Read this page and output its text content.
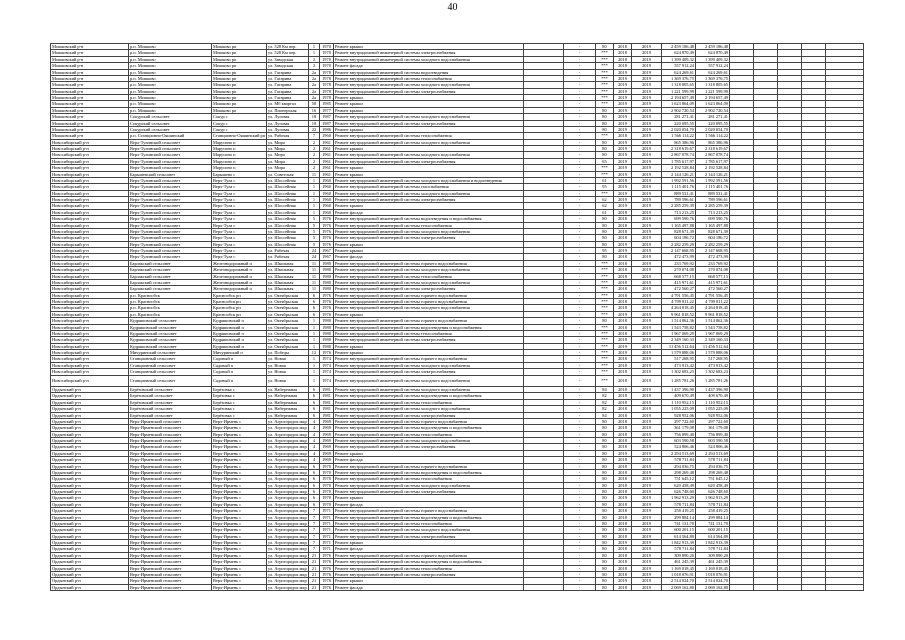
40
Мошковский р-н	р.п. Мошково	Мошково рп	ул. 528 Км пер.	1	1970	Ремонт крыши		-	80	2018	2019	2 459 186,48	2 459 186,48					
Мошковский р-н	р.п. Мошково	Мошково рп	ул. 528 Км пер.	1	1970	Ремонт внутридомовой инженерной системы электроснабжения		-	***	2018	2019	624 870,49	624 870,49					
Мошковский р-н	р.п. Мошково	Мошково рп	ул. Заводская	2	1970	Ремонт внутридомовой инженерной системы холодного водоснабжения		-	***	2018	2019	1 399 409,32	1 399 409,32					
Мошковский р-н	р.п. Мошково	Мошково рп	ул. Заводская	2	1970	Ремонт фасада		-	***	2018	2019	557 912,24	557 912,24					
Мошковский р-н	р.п. Мошково	Мошково рп	ул. Гагарина	2а	1978	Ремонт внутридомовой инженерной системы водоотведения		-	***	2019	2019	624 269,61	624 269,61					
Мошковский р-н	р.п. Мошково	Мошково рп	ул. Гагарина	2а	1978	Ремонт внутридомовой инженерной системы теплоснабжения		-	***	2019	2019	1 369 376,75	1 369 376,75					
Мошковский р-н	р.п. Мошково	Мошково рп	ул. Гагарина	2а	1978	Ремонт внутридомовой инженерной системы холодного водоснабжения		-	***	2019	2019	1 318 805,65	1 318 805,65					
Мошковский р-н	р.п. Мошково	Мошково рп	ул. Гагарина	2а	1978	Ремонт внутридомовой инженерной системы электроснабжения		-	***	2019	2019	1 221 599,99	1 221 599,99					
Мошковский р-н	р.п. Мошково	Мошково рп	ул. Гагарина	2а	1978	Ремонт крыши		-	***	2019	2019	2 194 657,49	2 194 657,49					
Мошковский р-н	р.п. Мошково	Мошково рп	ул. Мб квартал	58	1985	Ремонт крыши		-	***	2019	2019	1 623 864,09	1 623 864,09					
Мошковский р-н	р.п. Мошково	Мошково рп	ул. Пионерская	16	1977	Ремонт крыши		-	80	2019	2019	2 902 720,54	2 902 720,54					
Мошковский р-н	Сокурский сельсовет	Сокур с	ул. Луговая	18	1987	Ремонт внутридомовой инженерной системы холодного водоснабжения		-	80	2019	2019	281 271,41	281 271,41					
Мошковский р-н	Сокурский сельсовет	Сокур с	ул. Луговая	18	1987	Ремонт внутридомовой инженерной системы электроснабжения		-	80	2019	2019	220 095,55	220 095,55					
Мошковский р-н	Сокурский сельсовет	Сокур с	ул. Луговая	22	1986	Ремонт крыши		-	80	2019	2019	2 020 054,70	2 020 054,70					
Мошковский р-н	р.п. Станционно-Ояшинский	Станционно-Ояшинский рп	ул. Рабочая	7	1960	Ремонт внутридомовой инженерной системы теплоснабжения		-	***	2018	2019	1 566 114,22	1 566 114,22					
Новосибирский р-н	Верх-Тулинский сельсовет	Марусино п	ул. Мира	2	1961	Ремонт внутридомовой инженерной системы холодного водоснабжения		-	80	2019	2019	865 386,96	865 386,96					
Новосибирский р-н	Верх-Тулинский сельсовет	Марусино п	ул. Мира	2	1961	Ремонт крыши		-	80	2019	2019	2 318 619,67	2 318 619,67					
Новосибирский р-н	Верх-Тулинский сельсовет	Марусино п	ул. Мира	2	1961	Ремонт внутридомовой инженерной системы холодного водоснабжения		-	80	2019	2019	2 867 078,74	2 867 078,74					
Новосибирский р-н	Верх-Тулинский сельсовет	Марусино п	ул. Мира	2	1961	Ремонт внутридомовой инженерной системы электроснабжения		-	65	2019	2019	1 785 617,97	1 785 617,97					
Новосибирский р-н	Верх-Тулинский сельсовет	Марусино п	ул. Мира	2	1961	Ремонт крыши		-	***	2019	2019	2 192 528,84	2 192 528,84					
Новосибирский р-н	Барышевский сельсовет	Барышево с	ул. Советская	11	1961	Ремонт крыши		-	***	2019	2019	2 144 126,21	2 144 126,21					
Новосибирский р-н	Верх-Тулинский сельсовет	Верх-Тула с	ул. Шоссейная	1	1960	Ремонт внутридомовой инженерной системы холодного водоснабжения и водоотведения		-	61	2018	2019	1 992 591,56	1 992 591,56					
Новосибирский р-н	Верх-Тулинский сельсовет	Верх-Тула с	ул. Шоссейная	1	1960	Ремонт внутридомовой инженерной системы газоснабжения		-	95	2019	2019	1 115 401,76	1 115 401,76					
Новосибирский р-н	Верх-Тулинский сельсовет	Верх-Тула с	ул. Шоссейная	1	1960	Ремонт внутридомовой инженерной системы холодного водоснабжения		-	***	2019	2019	889 531,41	889 531,41					
Новосибирский р-н	Верх-Тулинский сельсовет	Верх-Тула с	ул. Шоссейная	1	1960	Ремонт внутридомовой инженерной системы электроснабжения		-	62	2019	2019	789 596,61	789 596,61					
Новосибирский р-н	Верх-Тулинский сельсовет	Верх-Тула с	ул. Шоссейная	1	1960	Ремонт крыши		-	62	2019	2019	2 285 259,39	2 285 259,39					
Новосибирский р-н	Верх-Тулинский сельсовет	Верх-Тула с	ул. Шоссейная	1	1960	Ремонт фасада		-	61	2018	2019	713 213,25	713 213,25					
Новосибирский р-н	Верх-Тулинский сельсовет	Верх-Тула с	ул. Шоссейная	5	1976	Ремонт внутридомовой инженерной системы водоотведения и водоснабжения		-	80	2018	2019	699 590,76	699 590,76					
Новосибирский р-н	Верх-Тулинский сельсовет	Верх-Тула с	ул. Шоссейная	5	1976	Ремонт внутридомовой инженерной системы теплоснабжения		-	80	2018	2019	1 165 497,88	1 165 497,88					
Новосибирский р-н	Верх-Тулинский сельсовет	Верх-Тула с	ул. Шоссейная	5	1976	Ремонт внутридомовой инженерной системы холодного водоснабжения		-	80	2018	2019	828 671,39	828 671,39					
Новосибирский р-н	Верх-Тулинский сельсовет	Верх-Тула с	ул. Шоссейная	5	1976	Ремонт внутридомовой инженерной системы электроснабжения		-	80	2018	2019	604 186,72	604 186,72					
Новосибирский р-н	Верх-Тулинский сельсовет	Верх-Тула с	ул. Шоссейная	5	1976	Ремонт крыши		-	80	2019	2019	2 282 259,29	2 282 259,29					
Новосибирский р-н	Верх-Тулинский сельсовет	Верх-Тула с	ул. Рабочая	24	1967	Ремонт крыши		-	95	2019	2019	2 147 668,95	2 147 668,95					
Новосибирский р-н	Верх-Тулинский сельсовет	Верх-Тула с	ул. Рабочая	24	1967	Ремонт фасада		-	80	2018	2019	472 473,99	472 473,99					
Новосибирский р-н	Барлакский сельсовет	Железнодорожный п	ул. Школьная	11	1980	Ремонт внутридомовой инженерной системы горячего водоснабжения		-	***	2018	2019	233 769,92	233 769,92					
Новосибирский р-н	Барлакский сельсовет	Железнодорожный п	ул. Школьная	11	1980	Ремонт внутридомовой инженерной системы холодного водоснабжения		-	***	2018	2019	270 074,08	270 074,08					
Новосибирский р-н	Барлакский сельсовет	Железнодорожный п	ул. Школьная	11	1980	Ремонт внутридомовой инженерной системы теплоснабжения		-	***	2018	2019	668 577,15	668 577,15					
Новосибирский р-н	Барлакский сельсовет	Железнодорожный п	ул. Школьная	11	1980	Ремонт внутридомовой инженерной системы холодного водоснабжения		-	***	2018	2019	415 971,61	415 971,61					
Новосибирский р-н	Барлакский сельсовет	Железнодорожный п	ул. Школьная	11	1980	Ремонт внутридомовой инженерной системы электроснабжения		-	***	2018	2019	472 560,27	472 560,27					
Новосибирский р-н	р.п. Краснообск	Краснообск рп	ул. Октябрьская	6	1976	Ремонт внутридомовой инженерной системы горячего водоснабжения		-	***	2018	2019	4 791 556,45	4 791 556,45					
Новосибирский р-н	р.п. Краснообск	Краснообск рп	ул. Октябрьская	6	1976	Ремонт внутридомовой инженерной системы горячего водоснабжения		-	***	2018	2019	4 709 811,22	4 709 811,22					
Новосибирский р-н	р.п. Краснообск	Краснообск рп	ул. Октябрьская	6	1976	Ремонт внутридомовой инженерной системы холодного водоснабжения		-	***	2018	2019	4 264 818,45	4 264 818,45					
Новосибирский р-н	р.п. Краснообск	Краснообск рп	ул. Октябрьская	6	1976	Ремонт крыши		-	***	2019	2019	9 961 818,52	9 961 818,52					
Новосибирский р-н	Кудряшовский сельсовет	Кудряшовский п	ул. Октябрьская	1	1980	Ремонт внутридомовой инженерной системы горячего водоснабжения		-	80	2018	2019	1 514 862,36	1 514 862,36					
Новосибирский р-н	Кудряшовский сельсовет	Кудряшовский п	ул. Октябрьская	1	1980	Ремонт внутридомовой инженерной системы водоотведения и водоснабжения		-	***	2018	2019	1 543 758,82	1 543 758,82					
Новосибирский р-н	Кудряшовский сельсовет	Кудряшовский п	ул. Октябрьская	1	1980	Ремонт внутридомовой инженерной системы теплоснабжения		-	***	2018	2019	1 967 069,29	1 967 069,29					
Новосибирский р-н	Кудряшовский сельсовет	Кудряшовский п	ул. Октябрьская	1	1980	Ремонт внутридомовой инженерной системы электроснабжения		-	***	2018	2019	2 349 160,33	2 349 160,33					
Новосибирский р-н	Кудряшовский сельсовет	Кудряшовский п	ул. Октябрьская	1	1980	Ремонт крыши		-	***	2019	2019	11 456 512,64	11 456 512,64					
Новосибирский р-н	Мичуринский сельсовет	Мичуринский п	ул. Победы	12	1976	Ремонт крыши		-	***	2019	2019	1 579 888,06	1 579 888,06					
Новосибирский р-н	Станционный сельсовет	Садовый п	ул. Новая	1	1974	Ремонт внутридомовой инженерной системы горячего водоснабжения		-	***	2018	2019	517 268,95	517 268,95					
Новосибирский р-н	Станционный сельсовет	Садовый п	ул. Новая	1	1974	Ремонт внутридомовой инженерной системы холодного водоснабжения		-	***	2018	2019	473 913,42	473 913,42					
Новосибирский р-н	Станционный сельсовет	Садовый п	ул. Новая	1	1974	Ремонт внутридомовой инженерной системы электроснабжения		-	***	2018	2019	1 302 683,23	1 302 683,23					
Новосибирский р-н	Станционный сельсовет	Садовый п	ул. Новая	1	1974	Ремонт внутридомовой инженерной системы холодного водоснабжения		-	***	2018	2019	1 285 781,26	1 285 781,26					
Ордынский р-н	Берёзовский сельсовет	Берёзовка с	ул. Набережная	6	1981	Ремонт внутридомовой инженерной системы холодного водоснабжения		-	84	2018	2019	1 437 396,90	1 437 396,90					
Ордынский р-н	Берёзовский сельсовет	Берёзовка с	ул. Набережная	6	1981	Ремонт внутридомовой инженерной системы водоотведения и водоснабжения		-	82	2018	2019	409 670,49	409 670,49					
Ордынский р-н	Берёзовский сельсовет	Берёзовка с	ул. Набережная	6	1981	Ремонт внутридомовой инженерной системы теплоснабжения		-	82	2018	2019	1 110 952,15	1 110 952,15					
Ордынский р-н	Берёзовский сельсовет	Берёзовка с	ул. Набережная	6	1981	Ремонт внутридомовой инженерной системы холодного водоснабжения		-	82	2018	2019	1 055 225,09	1 055 225,09					
Ордынский р-н	Берёзовский сельсовет	Берёзовка с	ул. Набережная	6	1981	Ремонт внутридомовой инженерной системы электроснабжения		-	84	2018	2019	928 952,06	928 952,06					
Ордынский р-н	Верх-Ирменский сельсовет	Верх-Ирмень с	ул. Агрогородок мкр	4	1969	Ремонт внутридомовой инженерной системы горячего водоснабжения		-	80	2018	2019	297 722,60	297 722,60					
Ордынский р-н	Верх-Ирменский сельсовет	Верх-Ирмень с	ул. Агрогородок мкр	4	1969	Ремонт внутридомовой инженерной системы водоотведения и водоснабжения		-	80	2018	2019	361 179,08	361 179,08					
Ордынский р-н	Верх-Ирменский сельсовет	Верх-Ирмень с	ул. Агрогородок мкр	4	1969	Ремонт внутридомовой инженерной системы теплоснабжения		-	80	2018	2019	756 899,40	756 899,40					
Ордынский р-н	Верх-Ирменский сельсовет	Верх-Ирмень с	ул. Агрогородок мкр	4	1969	Ремонт внутридомовой инженерной системы холодного водоснабжения		-	80	2018	2019	603 590,58	603 590,58					
Ордынский р-н	Верх-Ирменский сельсовет	Верх-Ирмень с	ул. Агрогородок мкр	4	1969	Ремонт внутридомовой инженерной системы электроснабжения		-	80	2018	2019	524 806,46	524 806,46					
Ордынский р-н	Верх-Ирменский сельсовет	Верх-Ирмень с	ул. Агрогородок мкр	4	1969	Ремонт крыши		-	80	2019	2019	2 294 513,69	2 294 513,69					
Ордынский р-н	Верх-Ирменский сельсовет	Верх-Ирмень с	ул. Агрогородок мкр	4	1969	Ремонт фасада		-	80	2018	2019	578 711,84	578 711,84					
Ордынский р-н	Верх-Ирменский сельсовет	Верх-Ирмень с	ул. Агрогородок мкр	6	1970	Ремонт внутридомовой инженерной системы горячего водоснабжения		-	80	2018	2019	294 036,75	294 036,75					
Ордынский р-н	Верх-Ирменский сельсовет	Верх-Ирмень с	ул. Агрогородок мкр	6	1970	Ремонт внутридомовой инженерной системы водоотведения и водоснабжения		-	80	2018	2019	298 269,48	298 269,48					
Ордынский р-н	Верх-Ирменский сельсовет	Верх-Ирмень с	ул. Агрогородок мкр	6	1970	Ремонт внутридомовой инженерной системы теплоснабжения		-	80	2018	2019	751 645,12	751 645,12					
Ордынский р-н	Верх-Ирменский сельсовет	Верх-Ирмень с	ул. Агрогородок мкр	6	1970	Ремонт внутридомовой инженерной системы холодного водоснабжения		-	80	2018	2019	620 458,49	620 458,49					
Ордынский р-н	Верх-Ирменский сельсовет	Верх-Ирмень с	ул. Агрогородок мкр	6	1970	Ремонт внутридомовой инженерной системы электроснабжения		-	80	2018	2019	626 748,60	626 748,60					
Ордынский р-н	Верх-Ирменский сельсовет	Верх-Ирмень с	ул. Агрогородок мкр	6	1970	Ремонт крыши		-	80	2019	2019	1 962 913,29	1 962 913,29					
Ордынский р-н	Верх-Ирменский сельсовет	Верх-Ирмень с	ул. Агрогородок мкр	6	1970	Ремонт фасада		-	80	2018	2019	578 711,84	578 711,84					
Ордынский р-н	Верх-Ирменский сельсовет	Верх-Ирмень с	ул. Агрогородок мкр	7	1971	Ремонт внутридомовой инженерной системы горячего водоснабжения		-	80	2018	2019	258 419,25	258 419,25					
Ордынский р-н	Верх-Ирменский сельсовет	Верх-Ирмень с	ул. Агрогородок мкр	7	1971	Ремонт внутридомовой инженерной системы водоотведения и водоснабжения		-	80	2018	2019	299 884,14	299 884,14					
Ордынский р-н	Верх-Ирменский сельсовет	Верх-Ирмень с	ул. Агрогородок мкр	7	1971	Ремонт внутридомовой инженерной системы теплоснабжения		-	80	2018	2019	741 131,70	741 131,70					
Ордынский р-н	Верх-Ирменский сельсовет	Верх-Ирмень с	ул. Агрогородок мкр	7	1971	Ремонт внутридомовой инженерной системы холодного водоснабжения		-	80	2018	2019	600 201,15	600 201,15					
Ордынский р-н	Верх-Ирменский сельсовет	Верх-Ирмень с	ул. Агрогородок мкр	7	1971	Ремонт внутридомовой инженерной системы электроснабжения		-	80	2018	2019	614 564,89	614 564,89					
Ордынский р-н	Верх-Ирменский сельсовет	Верх-Ирмень с	ул. Агрогородок мкр	7	1971	Ремонт крыши		-	80	2019	2019	1 842 913,39	1 842 913,39					
Ордынский р-н	Верх-Ирменский сельсовет	Верх-Ирмень с	ул. Агрогородок мкр	7	1971	Ремонт фасада		-	80	2018	2019	578 711,84	578 711,84					
Ордынский р-н	Верх-Ирменский сельсовет	Верх-Ирмень с	ул. Агрогородок мкр	21	1976	Ремонт внутридомовой инженерной системы горячего водоснабжения		-	80	2018	2019	309 890,20	309 890,20					
Ордынский р-н	Верх-Ирменский сельсовет	Верх-Ирмень с	ул. Агрогородок мкр	21	1976	Ремонт внутридомовой инженерной системы водоотведения и водоснабжения		-	80	2018	2019	461 245,39	461 245,39					
Ордынский р-н	Верх-Ирменский сельсовет	Верх-Ирмень с	ул. Агрогородок мкр	21	1976	Ремонт внутридомовой инженерной системы теплоснабжения		-	80	2018	2019	1 169 018,45	1 169 018,45					
Ордынский р-н	Верх-Ирменский сельсовет	Верх-Ирмень с	ул. Агрогородок мкр	21	1976	Ремонт внутридомовой инженерной системы электроснабжения		-	80	2018	2019	1 018 076,91	1 018 076,91					
Ордынский р-н	Верх-Ирменский сельсовет	Верх-Ирмень с	ул. Агрогородок мкр	21	1976	Ремонт крыши		-	80	2019	2019	2 514 024,70	2 514 024,70					
Ордынский р-н	Верх-Ирменский сельсовет	Верх-Ирмень с	ул. Агрогородок мкр	21	1976	Ремонт фасада		-	80	2018	2019	2 069 162,80	2 069 162,80					
